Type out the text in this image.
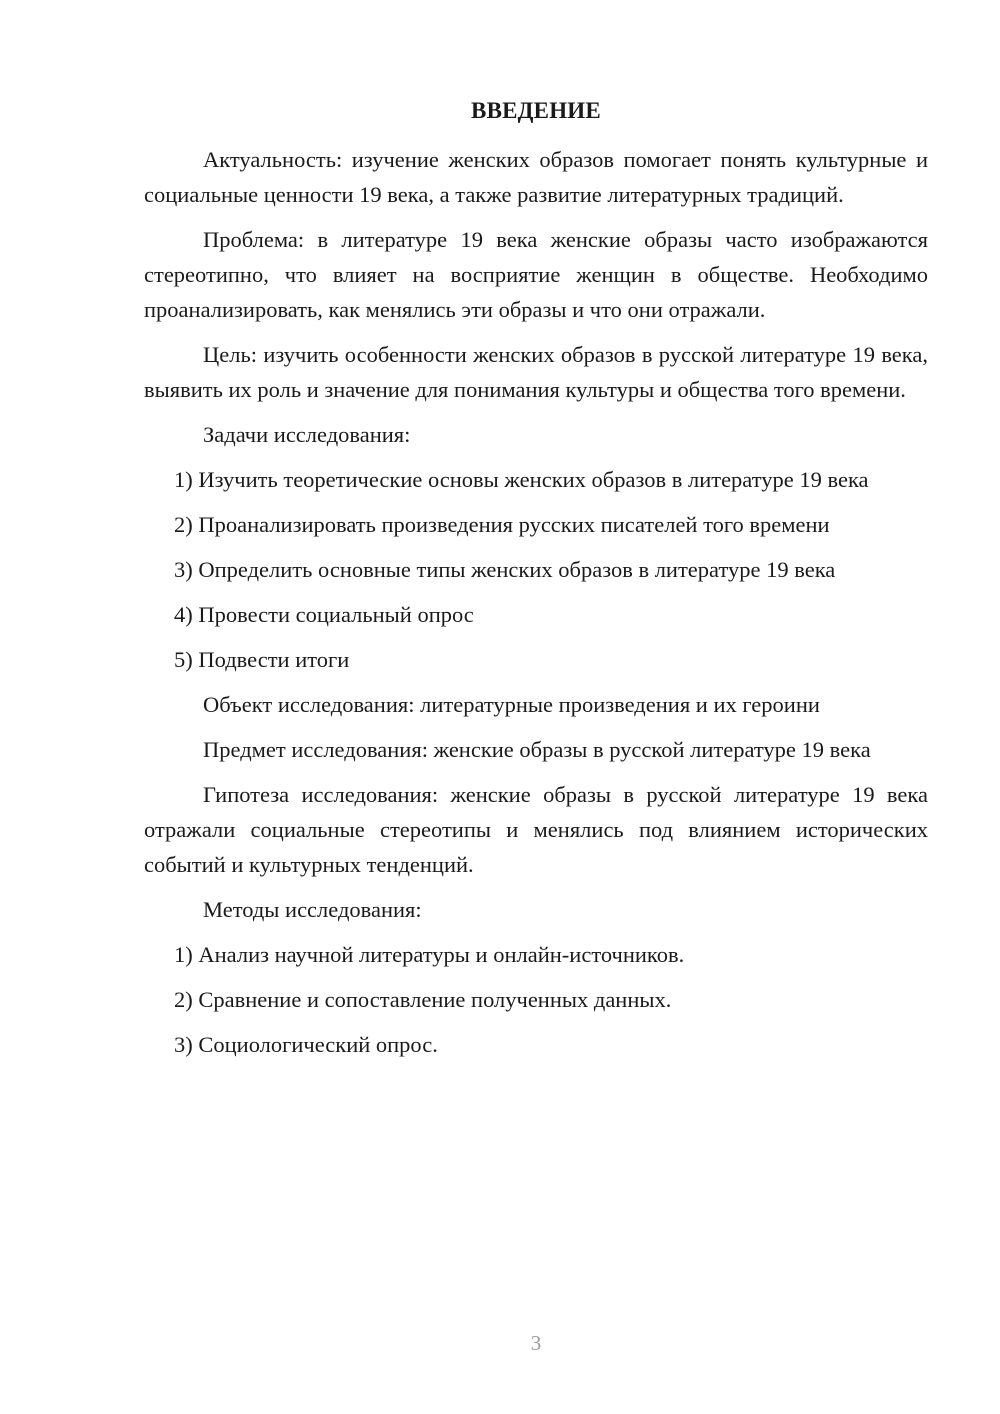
ВВЕДЕНИЕ

Актуальность: изучение женских образов помогает понять культурные и социальные ценности 19 века, а также развитие литературных традиций.

Проблема: в литературе 19 века женские образы часто изображаются стереотипно, что влияет на восприятие женщин в обществе. Необходимо проанализировать, как менялись эти образы и что они отражали.

Цель: изучить особенности женских образов в русской литературе 19 века, выявить их роль и значение для понимания культуры и общества того времени.

Задачи исследования:

1) Изучить теоретические основы женских образов в литературе 19 века

2) Проанализировать произведения русских писателей того времени

3) Определить основные типы женских образов в литературе 19 века

4) Провести социальный опрос

5) Подвести итоги

Объект исследования: литературные произведения и их героини

Предмет исследования: женские образы в русской литературе 19 века

Гипотеза исследования: женские образы в русской литературе 19 века отражали социальные стереотипы и менялись под влиянием исторических событий и культурных тенденций.

Методы исследования:

1) Анализ научной литературы и онлайн-источников.

2) Сравнение и сопоставление полученных данных.

3) Социологический опрос.

3
